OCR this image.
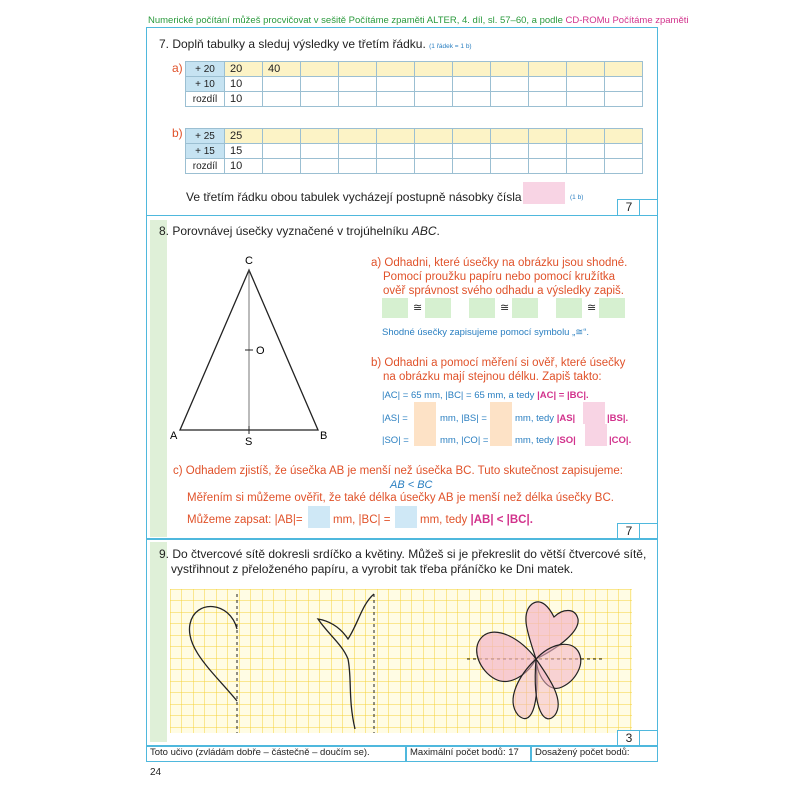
Numerické počítání můžeš procvičovat v sešitě Počítáme zpaměti ALTER, 4. díl, sl. 57–60, a podle CD-ROMu Počítáme zpaměti
7. Doplň tabulky a sleduj výsledky ve třetím řádku. (1 řádek = 1 b)
a) + 20	20	40									
+ 10	10										
rozdíl	10										
b) + 25	25										
+ 15	15										
rozdíl	10										
Ve třetím řádku obou tabulek vycházejí postupně násobky čísla	(1 b)
7
8. Porovnávej úsečky vyznačené v trojúhelníku ABC.
C
A	B
O
S
a) Odhadni, které úsečky na obrázku jsou shodné.
Pomocí proužku papíru nebo pomocí kružítka
ověř správnost svého odhadu a výsledky zapiš.
≅	≅	≅
Shodné úsečky zapisujeme pomocí symbolu „≅“.
b) Odhadni a pomocí měření si ověř, které úsečky
na obrázku mají stejnou délku. Zapiš takto:
|AC| = 65 mm, |BC| = 65 mm, a tedy |AC| = |BC|.
|AS| =	mm, |BS| =	mm, tedy |AS|	|BS|.
|SO| =	mm, |CO| =	mm, tedy |SO|	|CO|.
c) Odhadem zjistíš, že úsečka AB je menší než úsečka BC. Tuto skutečnost zapisujeme:
AB < BC
Měřením si můžeme ověřit, že také délka úsečky AB je menší než délka úsečky BC.
Můžeme zapsat: |AB|=	mm, |BC| =	mm, tedy |AB| < |BC|.
7
9. Do čtvercové sítě dokresli srdíčko a květiny. Můžeš si je překreslit do větší čtvercové sítě,
vystřihnout z přeloženého papíru, a vyrobit tak třeba přáníčko ke Dni matek.
3
Toto učivo (zvládám dobře – částečně – doučím se).	Maximální počet bodů: 17 Dosažený počet bodů:
24
